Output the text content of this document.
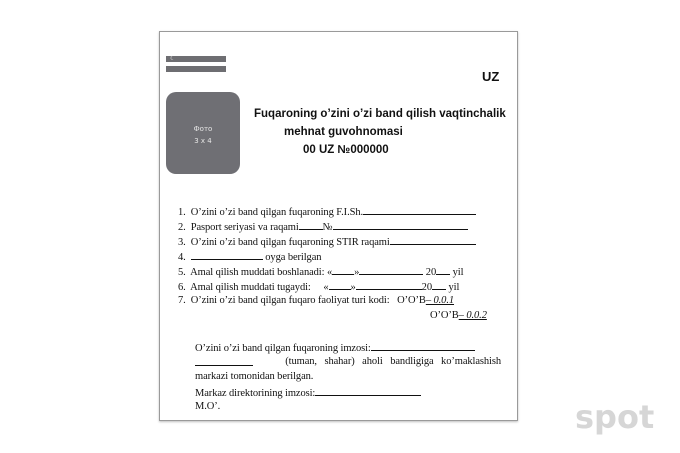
☾
UZ
Фото
3 x 4
Fuqaroning o’zini o’zi band qilish vaqtinchalik
mehnat guvohnomasi
00 UZ №000000
1. O’zini o’zi band qilgan fuqaroning F.I.Sh.
2. Pasport seriyasi va raqami №
3. O’zini o’zi band qilgan fuqaroning STIR raqami
4.	oyga berilgan
5. Amal qilish muddati boshlanadi: « »	20 yil
6. Amal qilish muddati tugaydi:     « »	20 yil
7. O’zini o’zi band qilgan fuqaro faoliyat turi kodi: O’O’B– 0.0.1
O’O’B– 0.0.2
O’zini o’zi band qilgan fuqaroning imzosi:
(tuman, shahar) aholi bandligiga ko’maklashish
markazi tomonidan berilgan.
Markaz direktorining imzosi:
M.O’.	spot
